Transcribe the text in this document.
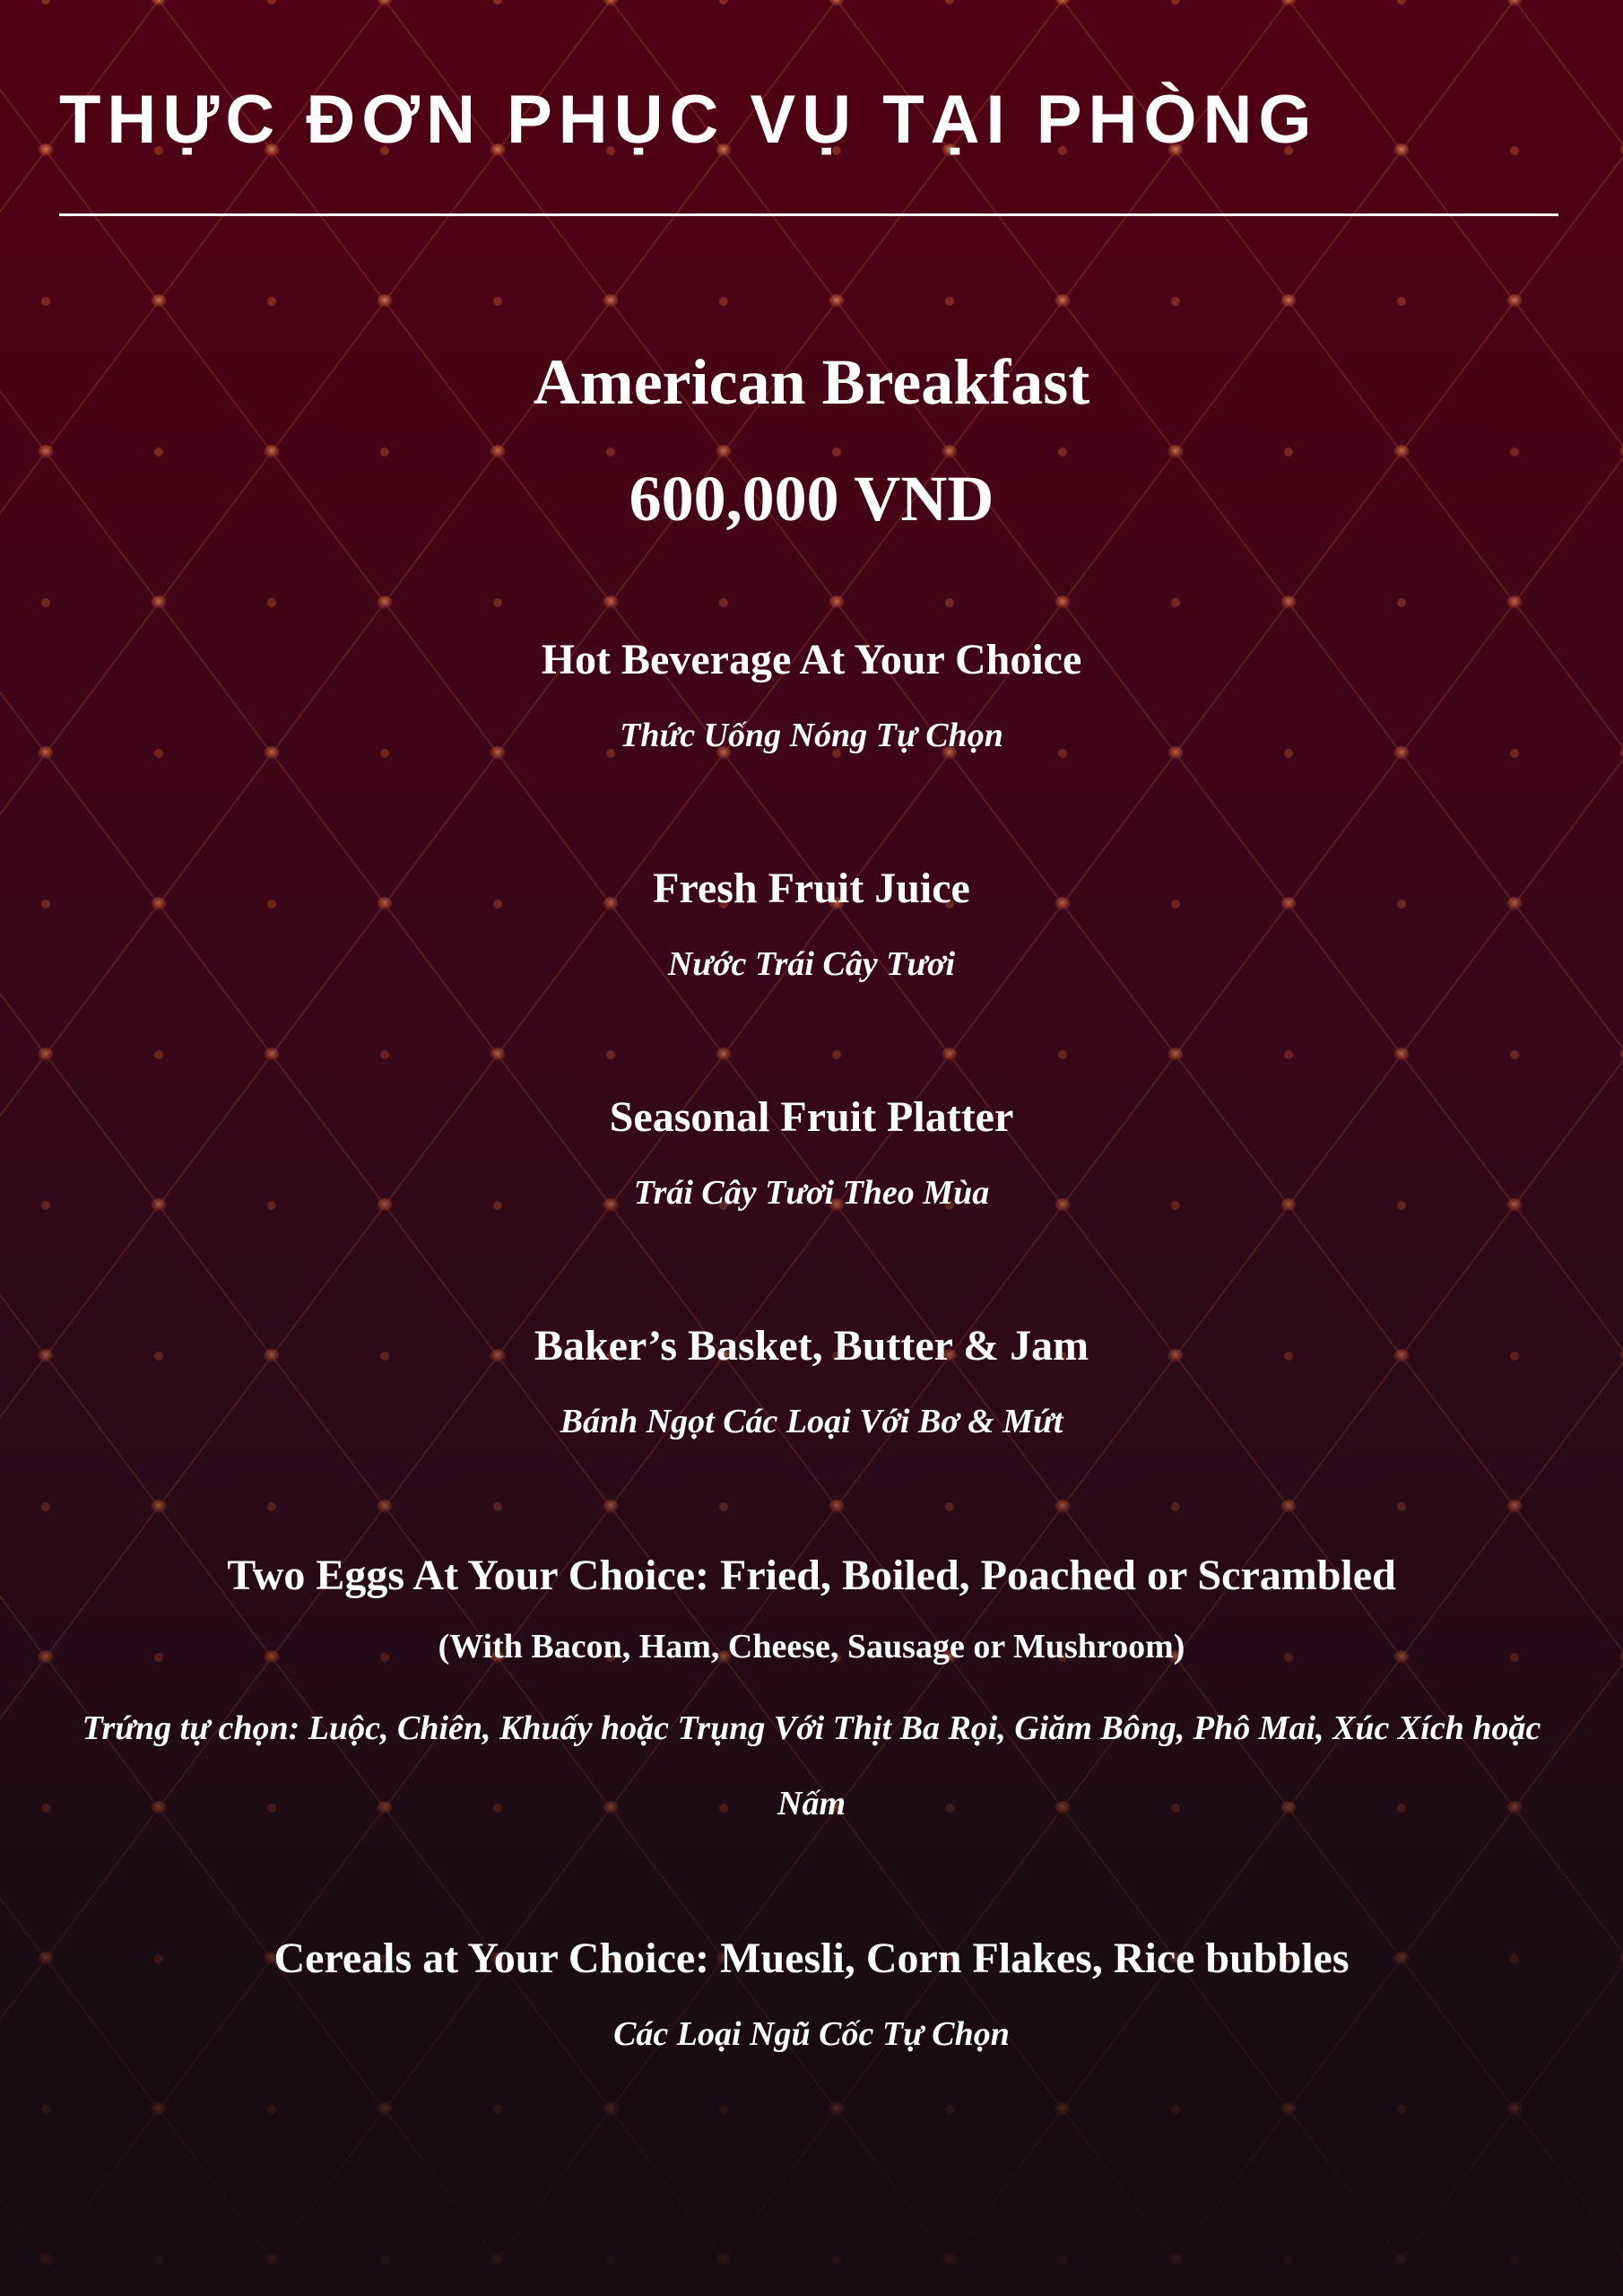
THỰC ĐƠN PHỤC VỤ TẠI PHÒNG
American Breakfast
600,000 VND
Hot Beverage At Your Choice
Thức Uống Nóng Tự Chọn
Fresh Fruit Juice
Nước Trái Cây Tươi
Seasonal Fruit Platter
Trái Cây Tươi Theo Mùa
Baker’s Basket, Butter & Jam
Bánh Ngọt Các Loại Với Bơ & Mứt
Two Eggs At Your Choice: Fried, Boiled, Poached or Scrambled
(With Bacon, Ham, Cheese, Sausage or Mushroom)
Trứng tự chọn: Luộc, Chiên, Khuấy hoặc Trụng Với Thịt Ba Rọi, Giăm Bông, Phô Mai, Xúc Xích hoặc Nấm
Cereals at Your Choice: Muesli, Corn Flakes, Rice bubbles
Các Loại Ngũ Cốc Tự Chọn
